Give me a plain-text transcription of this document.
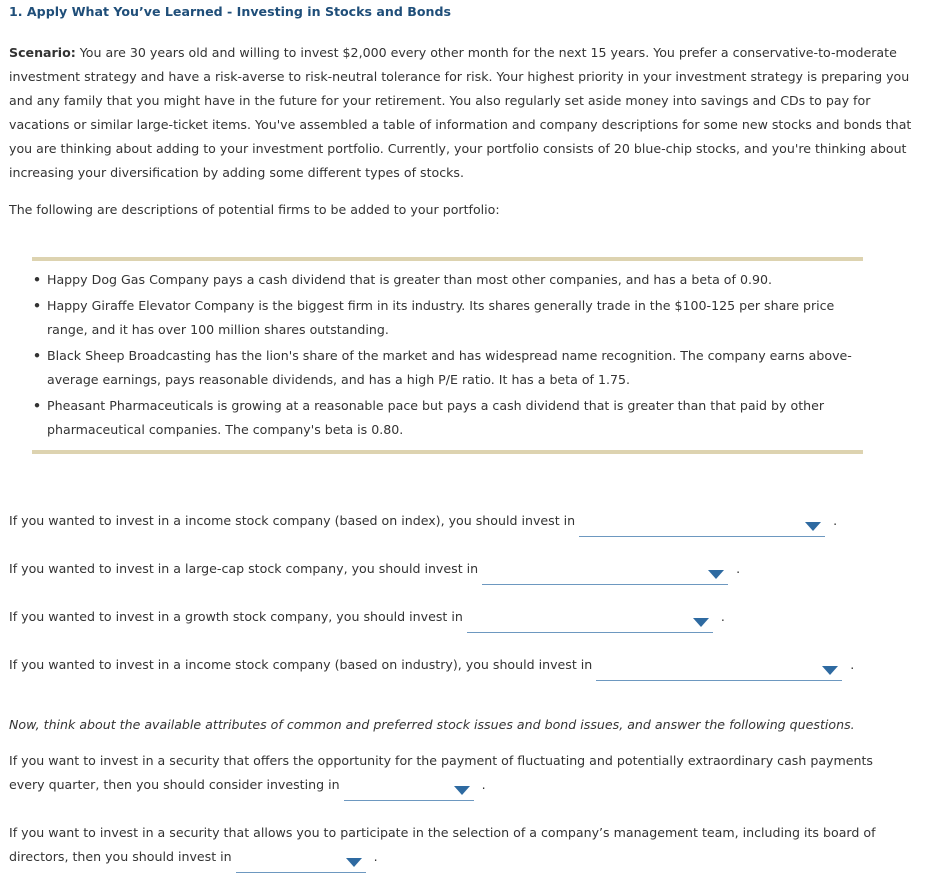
1. Apply What You’ve Learned - Investing in Stocks and Bonds

Scenario: You are 30 years old and willing to invest $2,000 every other month for the next 15 years. You prefer a conservative-to-moderate investment strategy and have a risk-averse to risk-neutral tolerance for risk. Your highest priority in your investment strategy is preparing you and any family that you might have in the future for your retirement. You also regularly set aside money into savings and CDs to pay for vacations or similar large-ticket items. You've assembled a table of information and company descriptions for some new stocks and bonds that you are thinking about adding to your investment portfolio. Currently, your portfolio consists of 20 blue-chip stocks, and you're thinking about increasing your diversification by adding some different types of stocks.

The following are descriptions of potential firms to be added to your portfolio:

• Happy Dog Gas Company pays a cash dividend that is greater than most other companies, and has a beta of 0.90.
• Happy Giraffe Elevator Company is the biggest firm in its industry. Its shares generally trade in the $100-125 per share price range, and it has over 100 million shares outstanding.
• Black Sheep Broadcasting has the lion's share of the market and has widespread name recognition. The company earns above-average earnings, pays reasonable dividends, and has a high P/E ratio. It has a beta of 1.75.
• Pheasant Pharmaceuticals is growing at a reasonable pace but pays a cash dividend that is greater than that paid by other pharmaceutical companies. The company's beta is 0.80.
If you wanted to invest in a income stock company (based on index), you should invest in	.
If you wanted to invest in a large-cap stock company, you should invest in	.
If you wanted to invest in a growth stock company, you should invest in	.
If you wanted to invest in a income stock company (based on industry), you should invest in	.
Now, think about the available attributes of common and preferred stock issues and bond issues, and answer the following questions.
If you want to invest in a security that offers the opportunity for the payment of fluctuating and potentially extraordinary cash payments every quarter, then you should consider investing in	.
If you want to invest in a security that allows you to participate in the selection of a company’s management team, including its board of directors, then you should invest in	.
